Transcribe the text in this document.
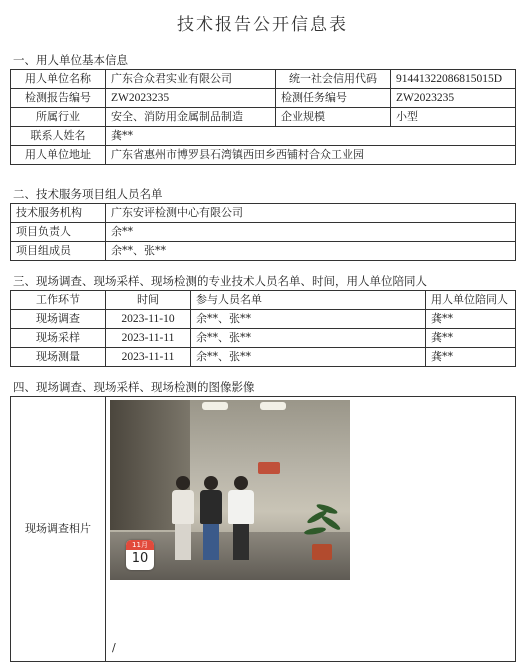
技术报告公开信息表
一、用人单位基本信息
用人单位名称	广东合众君实业有限公司	统一社会信用代码	91441322086815015D
检测报告编号	ZW2023235	检测任务编号	ZW2023235
所属行业	安全、消防用金属制品制造	企业规模	小型
联系人姓名	龚**		
用人单位地址	广东省惠州市博罗县石湾镇西田乡西铺村合众工业园		
二、技术服务项目组人员名单
技术服务机构	广东安评检测中心有限公司
项目负责人	余**
项目组成员	余**、张**
三、现场调查、现场采样、现场检测的专业技术人员名单、时间，用人单位陪同人
工作环节	时间	参与人员名单	用人单位陪同人
现场调查	2023-11-10	余**、张**	龚**
现场采样	2023-11-11	余**、张**	龚**
现场测量	2023-11-11	余**、张**	龚**
四、现场调查、现场采样、现场检测的图像影像
现场调查相片	
11月
10
/
